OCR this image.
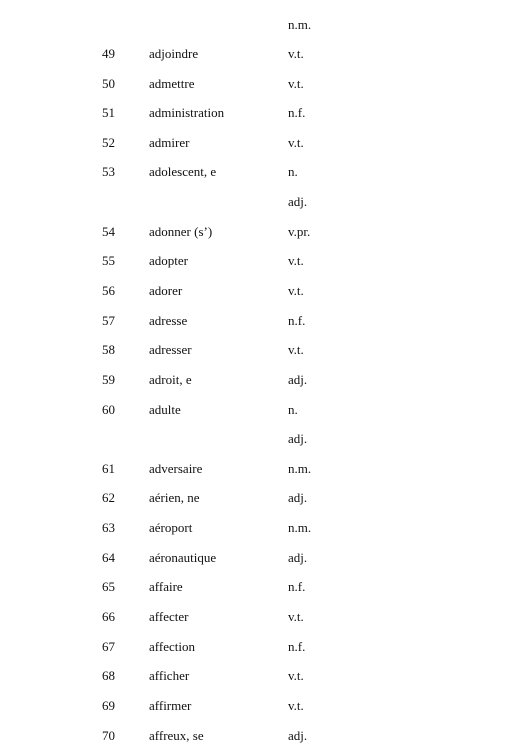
n.m.
49	adjoindre	v.t.
50	admettre	v.t.
51	administration	n.f.
52	admirer	v.t.
53	adolescent, e	n.
adj.
54	adonner (s’)	v.pr.
55	adopter	v.t.
56	adorer	v.t.
57	adresse	n.f.
58	adresser	v.t.
59	adroit, e	adj.
60	adulte	n.
adj.
61	adversaire	n.m.
62	aérien, ne	adj.
63	aéroport	n.m.
64	aéronautique	adj.
65	affaire	n.f.
66	affecter	v.t.
67	affection	n.f.
68	afficher	v.t.
69	affirmer	v.t.
70	affreux, se	adj.
